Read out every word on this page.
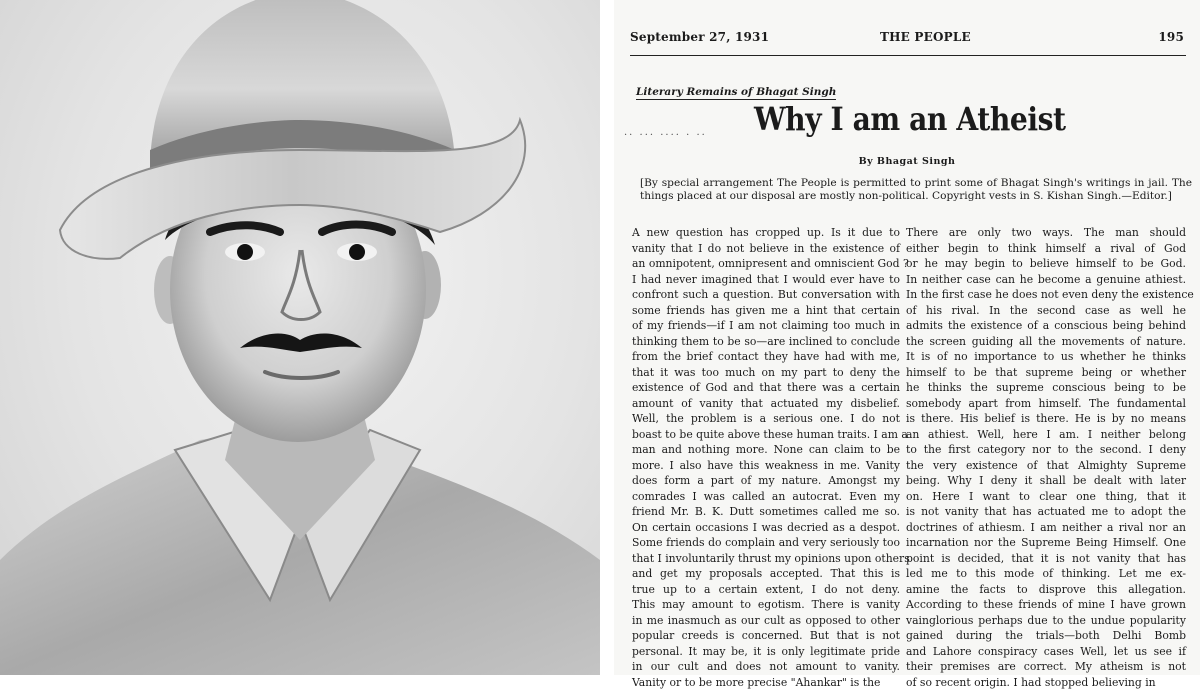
September 27, 1931	THE PEOPLE	195
Literary Remains of Bhagat Singh
·· ··· ···· · ·· Why I am an Atheist
By Bhagat Singh
[By special arrangement The People is permitted to print some of Bhagat Singh's writings in jail. The things placed at our disposal are mostly non-political. Copyright vests in S. Kishan Singh.—Editor.]
A new question has cropped up. Is it due to
vanity that I do not believe in the existence of
an omnipotent, omnipresent and omniscient God ?
I had never imagined that I would ever have to
confront such a question. But conversation with
some friends has given me a hint that certain
of my friends—if I am not claiming too much in
thinking them to be so—are inclined to conclude
from the brief contact they have had with me,
that it was too much on my part to deny the
existence of God and that there was a certain
amount of vanity that actuated my disbelief.
Well, the problem is a serious one. I do not
boast to be quite above these human traits. I am a
man and nothing more. None can claim to be
more. I also have this weakness in me. Vanity
does form a part of my nature. Amongst my
comrades I was called an autocrat. Even my
friend Mr. B. K. Dutt sometimes called me so.
On certain occasions I was decried as a despot.
Some friends do complain and very seriously too
that I involuntarily thrust my opinions upon others
and get my proposals accepted. That this is
true up to a certain extent, I do not deny.
This may amount to egotism. There is vanity
in me inasmuch as our cult as opposed to other
popular creeds is concerned. But that is not
personal. It may be, it is only legitimate pride
in our cult and does not amount to vanity.
Vanity or to be more precise "Ahankar" is the
There are only two ways. The man should
either begin to think himself a rival of God
or he may begin to believe himself to be God.
In neither case can he become a genuine athiest.
In the first case he does not even deny the existence
of his rival. In the second case as well he
admits the existence of a conscious being behind
the screen guiding all the movements of nature.
It is of no importance to us whether he thinks
himself to be that supreme being or whether
he thinks the supreme conscious being to be
somebody apart from himself. The fundamental
is there. His belief is there. He is by no means
an athiest. Well, here I am. I neither belong
to the first category nor to the second. I deny
the very existence of that Almighty Supreme
being. Why I deny it shall be dealt with later
on. Here I want to clear one thing, that it
is not vanity that has actuated me to adopt the
doctrines of athiesm. I am neither a rival nor an
incarnation nor the Supreme Being Himself. One
point is decided, that it is not vanity that has
led me to this mode of thinking. Let me ex-
amine the facts to disprove this allegation.
According to these friends of mine I have grown
vainglorious perhaps due to the undue popularity
gained during the trials—both Delhi Bomb
and Lahore conspiracy cases Well, let us see if
their premises are correct. My atheism is not
of so recent origin. I had stopped believing in
